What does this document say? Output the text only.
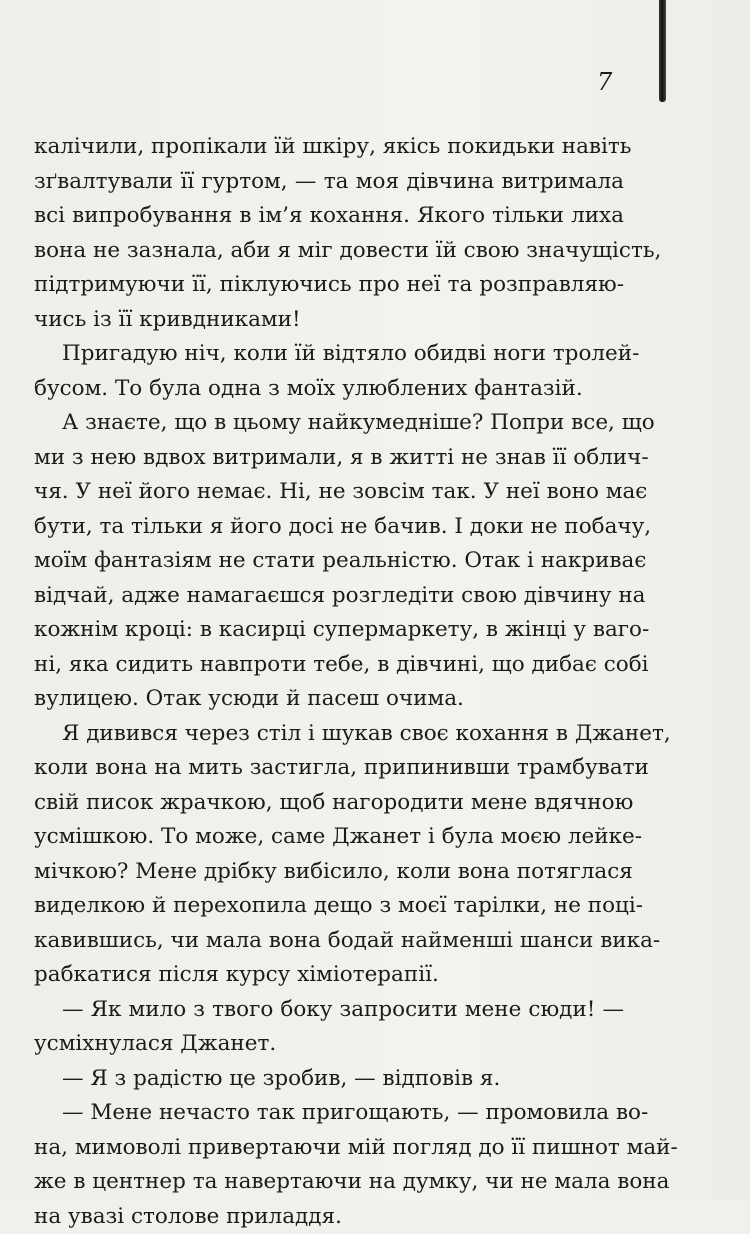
7
калічили, пропікали їй шкіру, якісь покидьки навіть
зґвалтували її гуртом, — та моя дівчина витримала
всі випробування в ім’я кохання. Якого тільки лиха
вона не зазнала, аби я міг довести їй свою значущість,
підтримуючи її, піклуючись про неї та розправляю-
чись із її кривдниками!
Пригадую ніч, коли їй відтяло обидві ноги тролей-
бусом. То була одна з моїх улюблених фантазій.
А знаєте, що в цьому найкумедніше? Попри все, що
ми з нею вдвох витримали, я в житті не знав її облич-
чя. У неї його немає. Ні, не зовсім так. У неї воно має
бути, та тільки я його досі не бачив. І доки не побачу,
моїм фантазіям не стати реальністю. Отак і накриває
відчай, адже намагаєшся розгледіти свою дівчину на
кожнім кроці: в касирці супермаркету, в жінці у ваго-
ні, яка сидить навпроти тебе, в дівчині, що дибає собі
вулицею. Отак усюди й пасеш очима.
Я дивився через стіл і шукав своє кохання в Джанет,
коли вона на мить застигла, припинивши трамбувати
свій писок жрачкою, щоб нагородити мене вдячною
усмішкою. То може, саме Джанет і була моєю лейке-
мічкою? Мене дрібку вибісило, коли вона потяглася
виделкою й перехопила дещо з моєї тарілки, не поці-
кавившись, чи мала вона бодай найменші шанси вика-
рабкатися після курсу хіміотерапії.
— Як мило з твого боку запросити мене сюди! —
усміхнулася Джанет.
— Я з радістю це зробив, — відповів я.
— Мене нечасто так пригощають, — промовила во-
на, мимоволі привертаючи мій погляд до її пишнот май-
же в центнер та навертаючи на думку, чи не мала вона
на увазі столове приладдя.
